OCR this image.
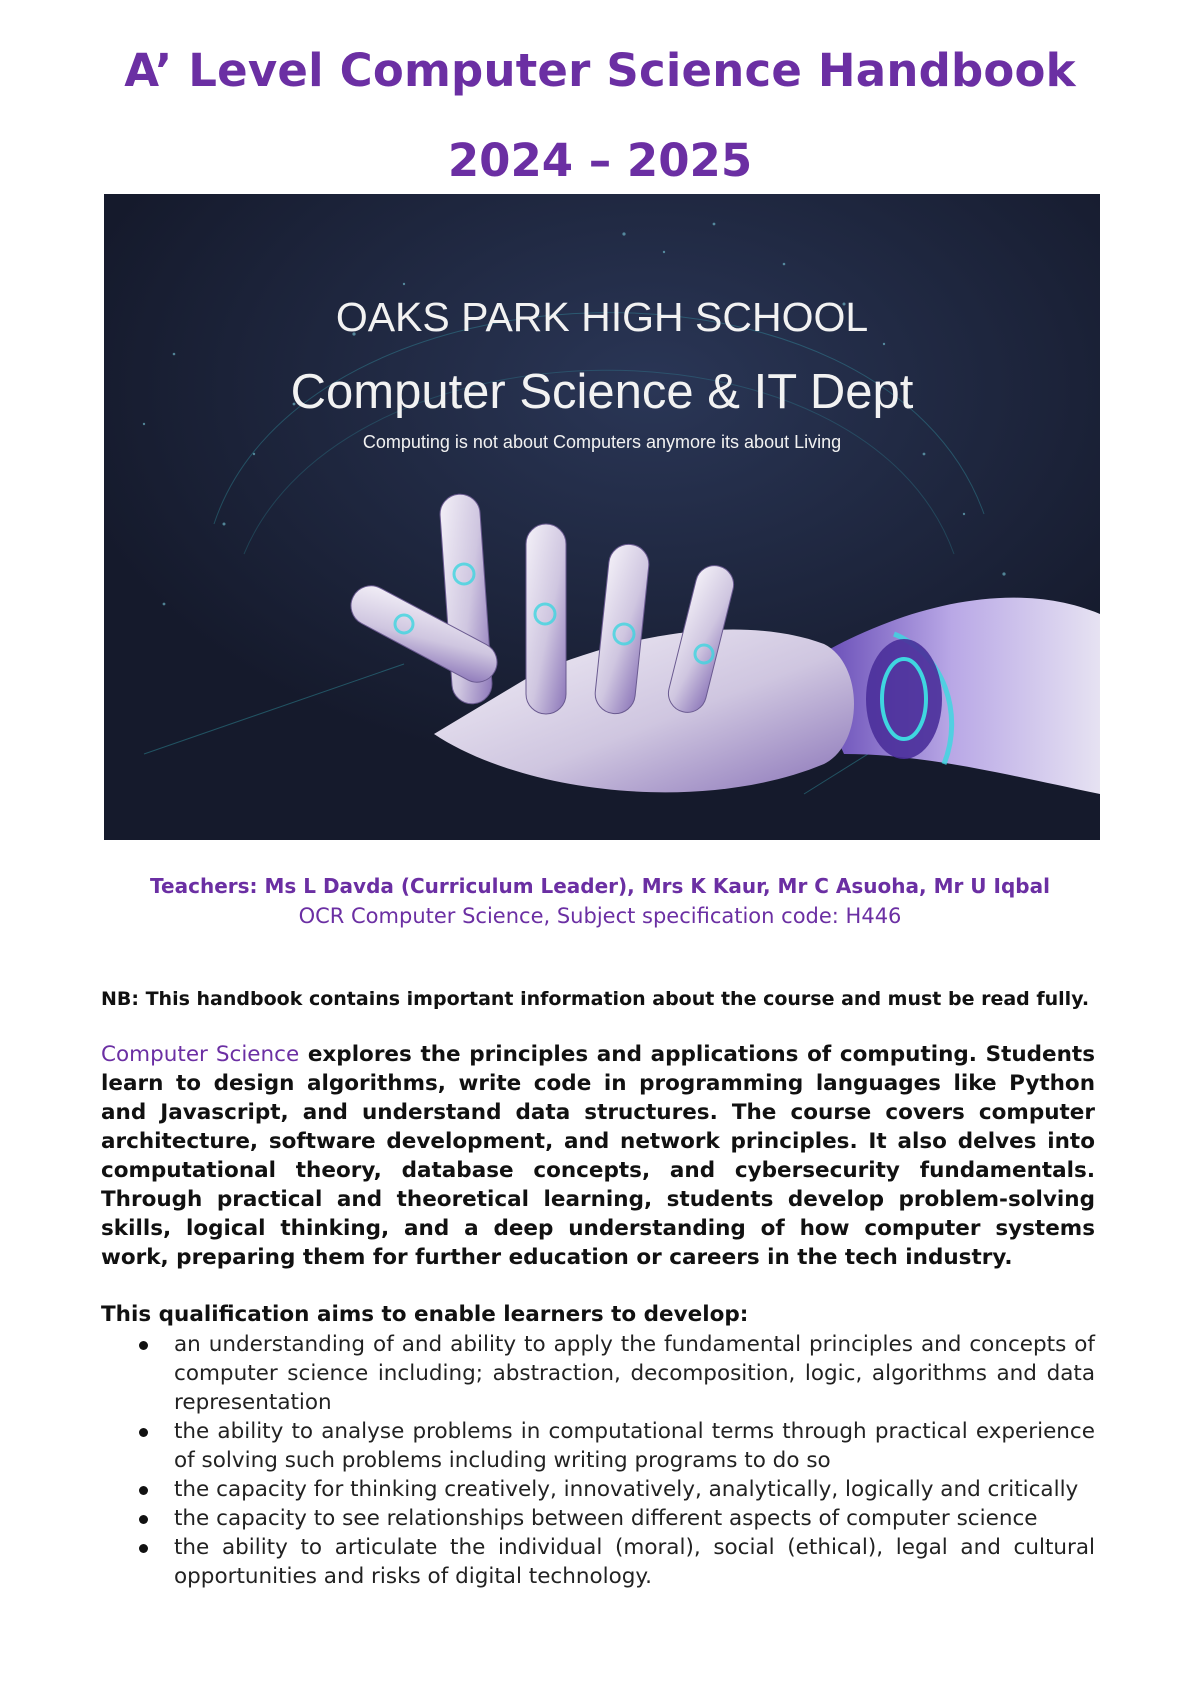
A’ Level Computer Science Handbook
2024 – 2025
OAKS PARK HIGH SCHOOL
Computer Science & IT Dept
Computing is not about Computers anymore its about Living
Teachers: Ms L Davda (Curriculum Leader), Mrs K Kaur, Mr C Asuoha, Mr U Iqbal
OCR Computer Science, Subject specification code: H446
NB: This handbook contains important information about the course and must be read fully.
Computer Science explores the principles and applications of computing. Students learn to design algorithms, write code in programming languages like Python and Javascript, and understand data structures. The course covers computer architecture, software development, and network principles. It also delves into computational theory, database concepts, and cybersecurity fundamentals. Through practical and theoretical learning, students develop problem-solving skills, logical thinking, and a deep understanding of how computer systems work, preparing them for further education or careers in the tech industry.
This qualification aims to enable learners to develop:
an understanding of and ability to apply the fundamental principles and concepts of computer science including; abstraction, decomposition, logic, algorithms and data representation
the ability to analyse problems in computational terms through practical experience of solving such problems including writing programs to do so
the capacity for thinking creatively, innovatively, analytically, logically and critically
the capacity to see relationships between different aspects of computer science
the ability to articulate the individual (moral), social (ethical), legal and cultural opportunities and risks of digital technology.
